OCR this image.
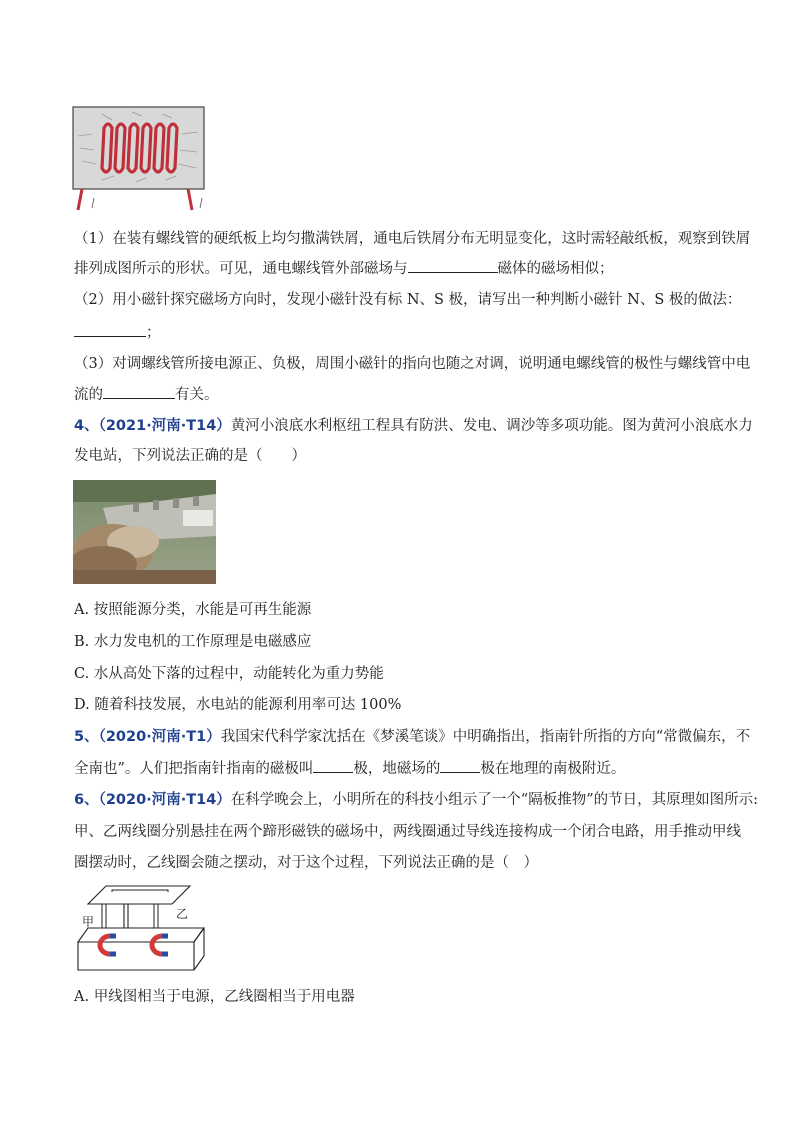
（1）在装有螺线管的硬纸板上均匀撒满铁屑，通电后铁屑分布无明显变化，这时需轻敲纸板，观察到铁屑
排列成图所示的形状。可见，通电螺线管外部磁场与	磁体的磁场相似；
（2）用小磁针探究磁场方向时，发现小磁针没有标 N、S 极，请写出一种判断小磁针 N、S 极的做法：
；
（3）对调螺线管所接电源正、负极，周围小磁针的指向也随之对调，说明通电螺线管的极性与螺线管中电
流的	有关。
4、（2021·河南·T14）黄河小浪底水利枢纽工程具有防洪、发电、调沙等多项功能。图为黄河小浪底水力
发电站，下列说法正确的是（　　）
A. 按照能源分类，水能是可再生能源
B. 水力发电机的工作原理是电磁感应
C. 水从高处下落的过程中，动能转化为重力势能
D. 随着科技发展，水电站的能源利用率可达 100%
5、（2020·河南·T1）我国宋代科学家沈括在《梦溪笔谈》中明确指出，指南针所指的方向“常微偏东，不
全南也”。人们把指南针指南的磁极叫	极，地磁场的	极在地理的南极附近。
6、（2020·河南·T14）在科学晚会上，小明所在的科技小组示了一个“隔板推物”的节日，其原理如图所示:
甲、乙两线圈分别悬挂在两个蹄形磁铁的磁场中，两线圈通过导线连接构成一个闭合电路，用手推动甲线
圈摆动时，乙线圈会随之摆动，对于这个过程，下列说法正确的是（　）
甲
乙
A. 甲线图相当于电源，乙线圈相当于用电器
